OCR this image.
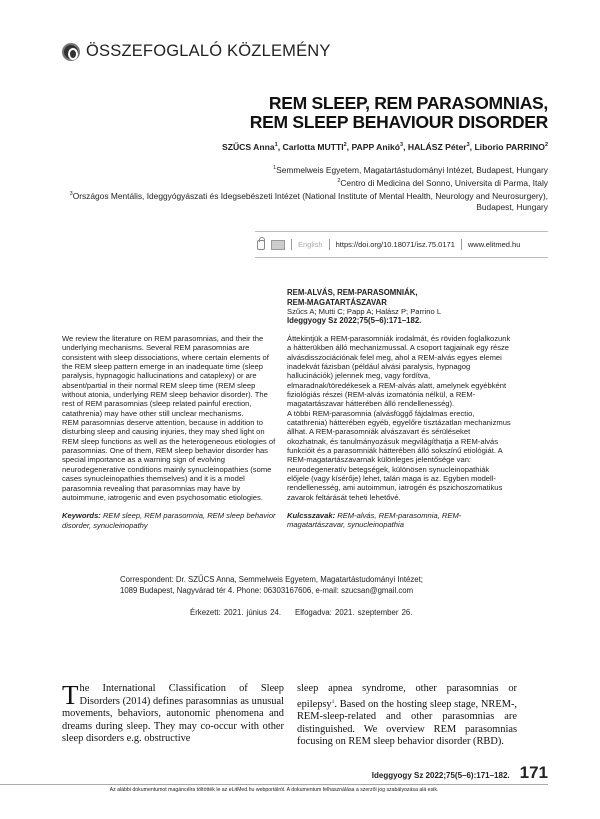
ÖSSZEFOGLALÓ KÖZLEMÉNY
REM SLEEP, REM PARASOMNIAS,
REM SLEEP BEHAVIOUR DISORDER
SZŰCS Anna$^1$, Carlotta MUTTI$^2$, PAPP Anikó$^3$, HALÁSZ Péter$^3$, Liborio PARRINO$^2$
$^1$Semmelweis Egyetem, Magatartástudományi Intézet, Budapest, Hungary
$^2$Centro di Medicina del Sonno, Universita di Parma, Italy
$^3$Országos Mentális, Ideggyógyászati és Idegsebészeti Intézet (National Institute of Mental Health, Neurology and Neurosurgery), Budapest, Hungary
English https://doi.org/10.18071/isz.75.0171 www.elitmed.hu
We review the literature on REM parasomnias, and their the underlying mechanisms. Several REM parasomnias are consistent with sleep dissociations, where certain elements of the REM sleep pattern emerge in an inadequate time (sleep paralysis, hypnagogic hallucinations and cataplexy) or are absent/partial in their normal REM sleep time (REM sleep without atonia, underlying REM sleep behavior disorder). The rest of REM parasomnias (sleep related painful erection, catathrenia) may have other still unclear mechanisms.
REM parasomnias deserve attention, because in addition to disturbing sleep and causing injuries, they may shed light on REM sleep functions as well as the heterogeneous etiologies of parasomnias. One of them, REM sleep behavior disorder has special importance as a warning sign of evolving neurodegenerative conditions mainly synucleinopathies (some cases synucleinopathies themselves) and it is a model parasomnia revealing that parasomnias may have by autoimmune, iatrogenic and even psychosomatic etiologies.
Keywords: REM sleep, REM parasomnia, REM sleep behavior disorder, synucleinopathy
REM-ALVÁS, REM-PARASOMNIÁK,
REM-MAGATARTÁSZAVAR
Szűcs A; Mutti C; Papp A; Halász P; Parrino L
Ideggyogy Sz 2022;75(5–6):171–182.
Áttekintjük a REM-parasomniák irodalmát, és röviden foglalkozunk a hátterükben álló mechanizmussal. A csoport tagjainak egy része alvásdisszociációnak felel meg, ahol a REM-alvás egyes elemei inadekvát fázisban (például alvási paralysis, hypnagog hallucinációk) jelennek meg, vagy fordítva, elmaradnak/töredékesek a REM-alvás alatt, amelynek egyébként fiziológiás részei (REM-alvás izomatónia nélkül, a REM-magatartászavar hátterében álló rendellenesség).
A többi REM-parasomnia (alvásfüggő fájdalmas erectio, catathrenia) hátterében egyéb, egyelőre tisztázatlan mechanizmus állhat. A REM-parasomniák alvászavart és sérüléseket okozhatnak, és tanulmányozásuk megvilágíthatja a REM-alvás funkcióit és a parasomniák hátterében álló sokszínű etiológiát. A REM-magatartászavarnak különleges jelentősége van: neurodegeneratív betegségek, különösen synucleinopathiák előjele (vagy kísérője) lehet, talán maga is az. Egyben modell-rendellenesség, ami autoimmun, iatrogén és pszichoszomatikus zavarok feltárását teheti lehetővé.
Kulcsszavak: REM-alvás, REM-parasomnia, REM-magatartászavar, synucleinopathia
Correspondent: Dr. SZŰCS Anna, Semmelweis Egyetem, Magatartástudományi Intézet;
1089 Budapest, Nagyvárad tér 4. Phone: 06303167606, e-mail: szucsan@gmail.com
Érkezett: 2021. június 24. Elfogadva: 2021. szeptember 26.
The International Classification of Sleep Disorders (2014) defines parasomnias as unusual movements, behaviors, autonomic phenomena and dreams during sleep. They may co-occur with other sleep disorders e.g. obstructive
sleep apnea syndrome, other parasomnias or epilepsy$^1$. Based on the hosting sleep stage, NREM-, REM-sleep-related and other parasomnias are distinguished. We overview REM parasomnias focusing on REM sleep behavior disorder (RBD).
Ideggyogy Sz 2022;75(5–6):171–182. 171
Az alábbi dokumentumot magáncélra töltötték le az eLitMed.hu webportálról. A dokumentum felhasználása a szerzői jog szabályozása alá esik.
